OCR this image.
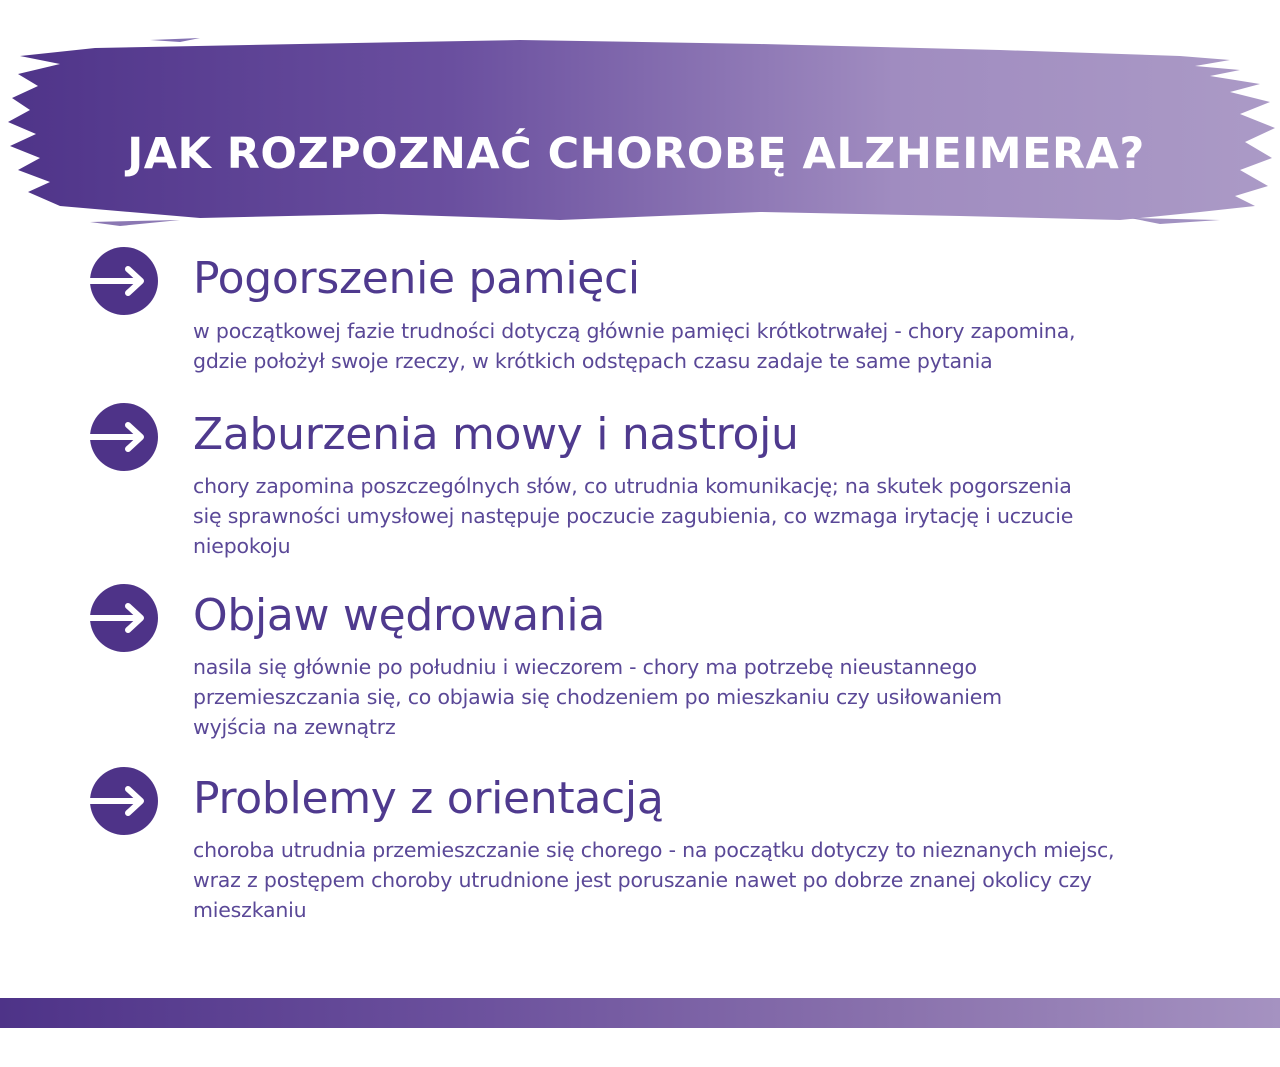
JAK ROZPOZNAĆ CHOROBĘ ALZHEIMERA?
Pogorszenie pamięci
w początkowej fazie trudności dotyczą głównie pamięci krótkotrwałej - chory zapomina,
gdzie położył swoje rzeczy, w krótkich odstępach czasu zadaje te same pytania
Zaburzenia mowy i nastroju
chory zapomina poszczególnych słów, co utrudnia komunikację; na skutek pogorszenia
się sprawności umysłowej następuje poczucie zagubienia, co wzmaga irytację i uczucie
niepokoju
Objaw wędrowania
nasila się głównie po południu i wieczorem - chory ma potrzebę nieustannego
przemieszczania się, co objawia się chodzeniem po mieszkaniu czy usiłowaniem
wyjścia na zewnątrz
Problemy z orientacją
choroba utrudnia przemieszczanie się chorego - na początku dotyczy to nieznanych miejsc,
wraz z postępem choroby utrudnione jest poruszanie nawet po dobrze znanej okolicy czy
mieszkaniu
